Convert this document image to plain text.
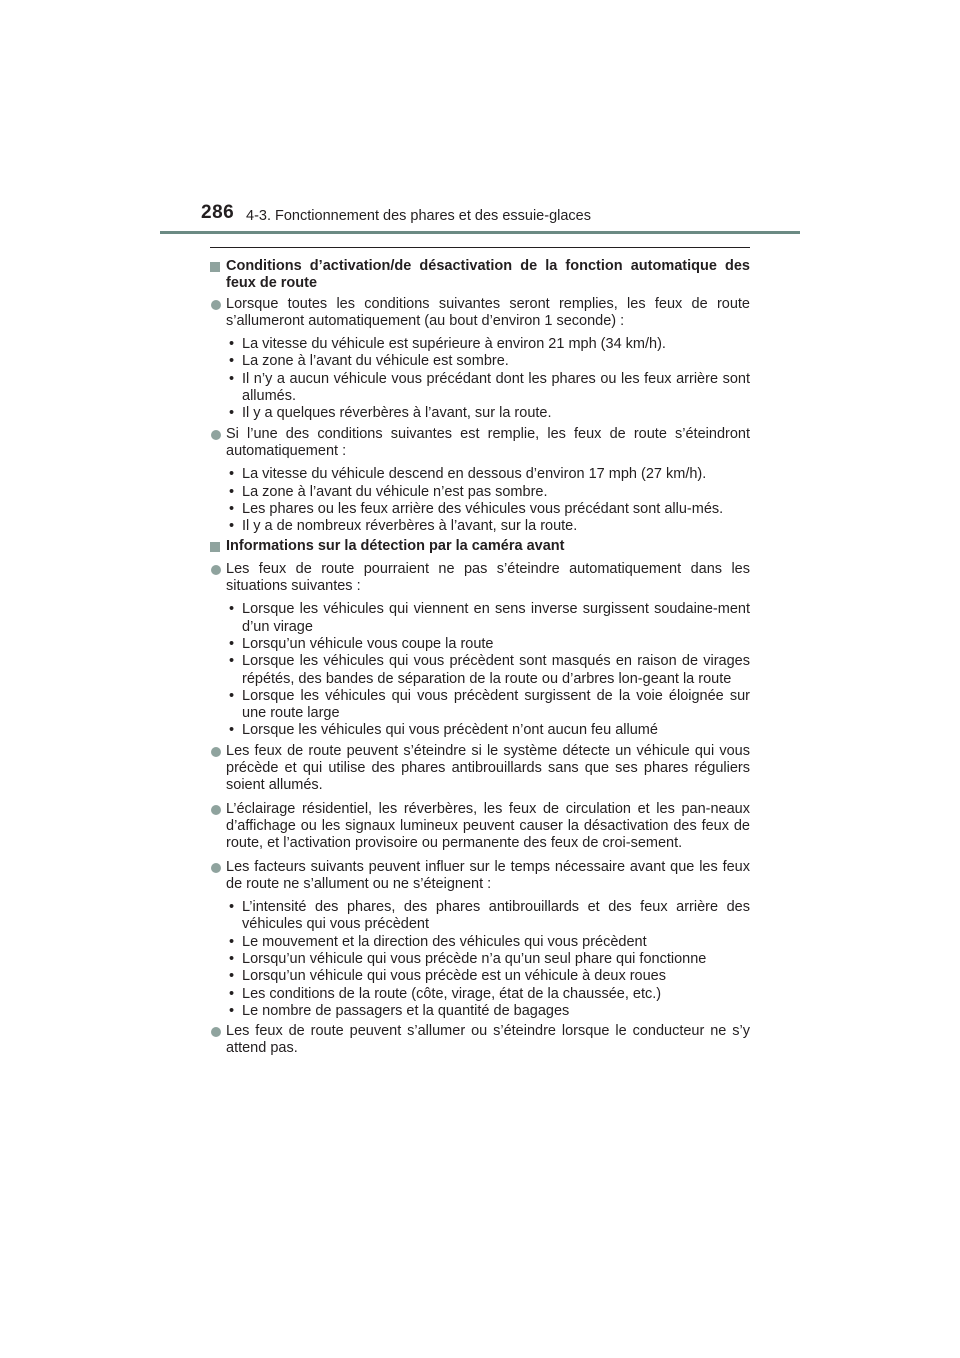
286 4-3. Fonctionnement des phares et des essuie-glaces
Conditions d’activation/de désactivation de la fonction automatique des feux de route
Lorsque toutes les conditions suivantes seront remplies, les feux de route s’allumeront automatiquement (au bout d’environ 1 seconde) :
• La vitesse du véhicule est supérieure à environ 21 mph (34 km/h).
• La zone à l’avant du véhicule est sombre.
• Il n’y a aucun véhicule vous précédant dont les phares ou les feux arrière sont allumés.
• Il y a quelques réverbères à l’avant, sur la route.
Si l’une des conditions suivantes est remplie, les feux de route s’éteindront automatiquement :
• La vitesse du véhicule descend en dessous d’environ 17 mph (27 km/h).
• La zone à l’avant du véhicule n’est pas sombre.
• Les phares ou les feux arrière des véhicules vous précédant sont allu-més.
• Il y a de nombreux réverbères à l’avant, sur la route.
Informations sur la détection par la caméra avant
Les feux de route pourraient ne pas s’éteindre automatiquement dans les situations suivantes :
• Lorsque les véhicules qui viennent en sens inverse surgissent soudaine-ment d’un virage
• Lorsqu’un véhicule vous coupe la route
• Lorsque les véhicules qui vous précèdent sont masqués en raison de virages répétés, des bandes de séparation de la route ou d’arbres lon-geant la route
• Lorsque les véhicules qui vous précèdent surgissent de la voie éloignée sur une route large
• Lorsque les véhicules qui vous précèdent n’ont aucun feu allumé
Les feux de route peuvent s’éteindre si le système détecte un véhicule qui vous précède et qui utilise des phares antibrouillards sans que ses phares réguliers soient allumés.
L’éclairage résidentiel, les réverbères, les feux de circulation et les pan-neaux d’affichage ou les signaux lumineux peuvent causer la désactivation des feux de route, et l’activation provisoire ou permanente des feux de croi-sement.
Les facteurs suivants peuvent influer sur le temps nécessaire avant que les feux de route ne s’allument ou ne s’éteignent :
• L’intensité des phares, des phares antibrouillards et des feux arrière des véhicules qui vous précèdent
• Le mouvement et la direction des véhicules qui vous précèdent
• Lorsqu’un véhicule qui vous précède n’a qu’un seul phare qui fonctionne
• Lorsqu’un véhicule qui vous précède est un véhicule à deux roues
• Les conditions de la route (côte, virage, état de la chaussée, etc.)
• Le nombre de passagers et la quantité de bagages
Les feux de route peuvent s’allumer ou s’éteindre lorsque le conducteur ne s’y attend pas.
